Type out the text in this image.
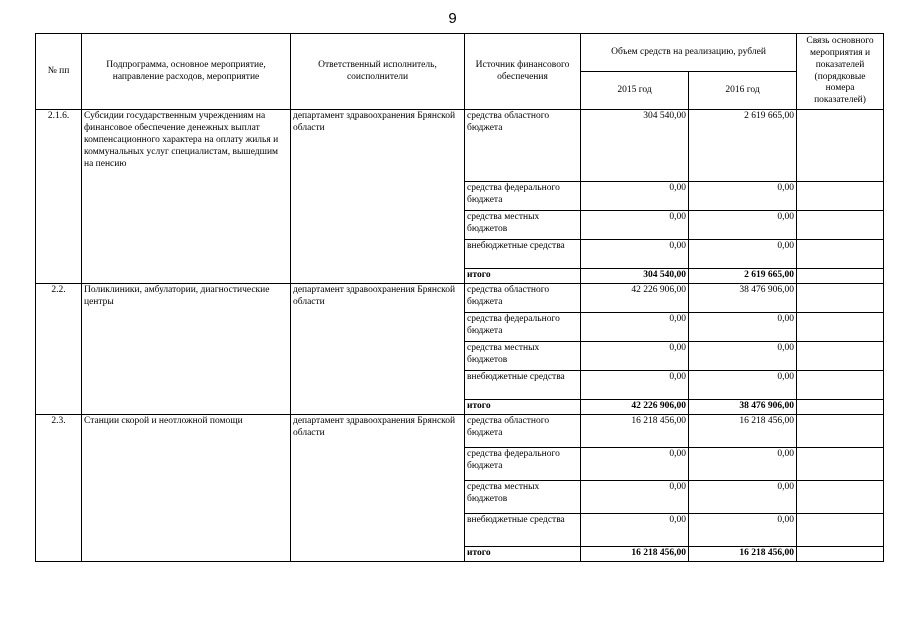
9
№ пп	Подпрограмма, основное мероприятие, направление расходов, мероприятие	Ответственный исполнитель, соисполнители	Источник финансового обеспечения	Объем средств на реализацию, рублей		Связь основного мероприятия и показателей (порядковые номера показателей)
				2015 год	2016 год	
2.1.6.	Субсидии государственным учреждениям на финансовое обеспечение денежных выплат компенсационного характера на оплату жилья и коммунальных услуг специалистам, вышедшим на пенсию	департамент здравоохранения Брянской области	средства областного бюджета	304 540,00	2 619 665,00	
			средства федерального бюджета	0,00	0,00	
			средства местных бюджетов	0,00	0,00	
			внебюджетные средства	0,00	0,00	
			итого	304 540,00	2 619 665,00	
2.2.	Поликлиники, амбулатории, диагностические центры	департамент здравоохранения Брянской области	средства областного бюджета	42 226 906,00	38 476 906,00	
			средства федерального бюджета	0,00	0,00	
			средства местных бюджетов	0,00	0,00	
			внебюджетные средства	0,00	0,00	
			итого	42 226 906,00	38 476 906,00	
2.3.	Станции скорой и неотложной помощи	департамент здравоохранения Брянской области	средства областного бюджета	16 218 456,00	16 218 456,00	
			средства федерального бюджета	0,00	0,00	
			средства местных бюджетов	0,00	0,00	
			внебюджетные средства	0,00	0,00	
			итого	16 218 456,00	16 218 456,00	
